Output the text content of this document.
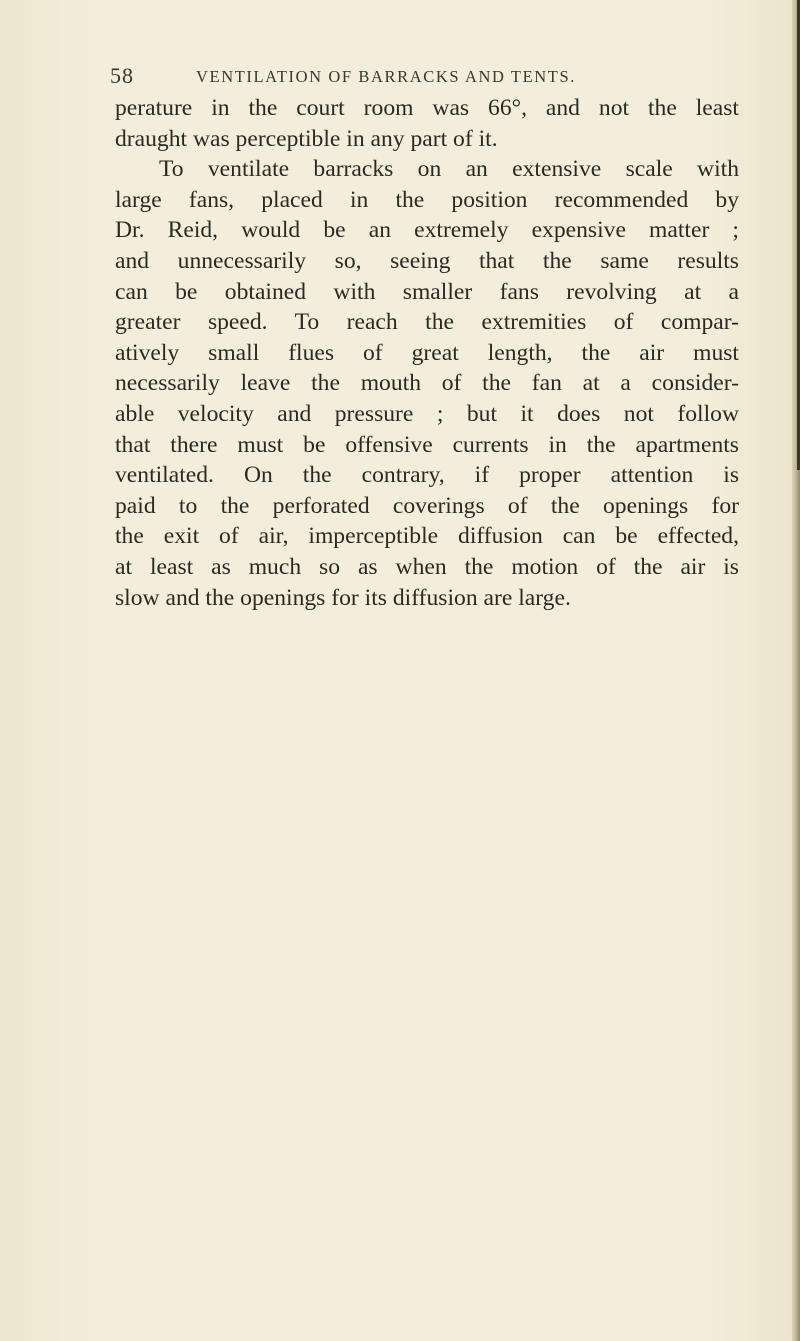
58	VENTILATION OF BARRACKS AND TENTS.
perature in the court room was 66°, and not the least
draught was perceptible in any part of it.
To ventilate barracks on an extensive scale with
large fans, placed in the position recommended by
Dr. Reid, would be an extremely expensive matter ;
and unnecessarily so, seeing that the same results
can be obtained with smaller fans revolving at a
greater speed. To reach the extremities of compar-
atively small flues of great length, the air must
necessarily leave the mouth of the fan at a consider-
able velocity and pressure ; but it does not follow
that there must be offensive currents in the apartments
ventilated. On the contrary, if proper attention is
paid to the perforated coverings of the openings for
the exit of air, imperceptible diffusion can be effected,
at least as much so as when the motion of the air is
slow and the openings for its diffusion are large.
